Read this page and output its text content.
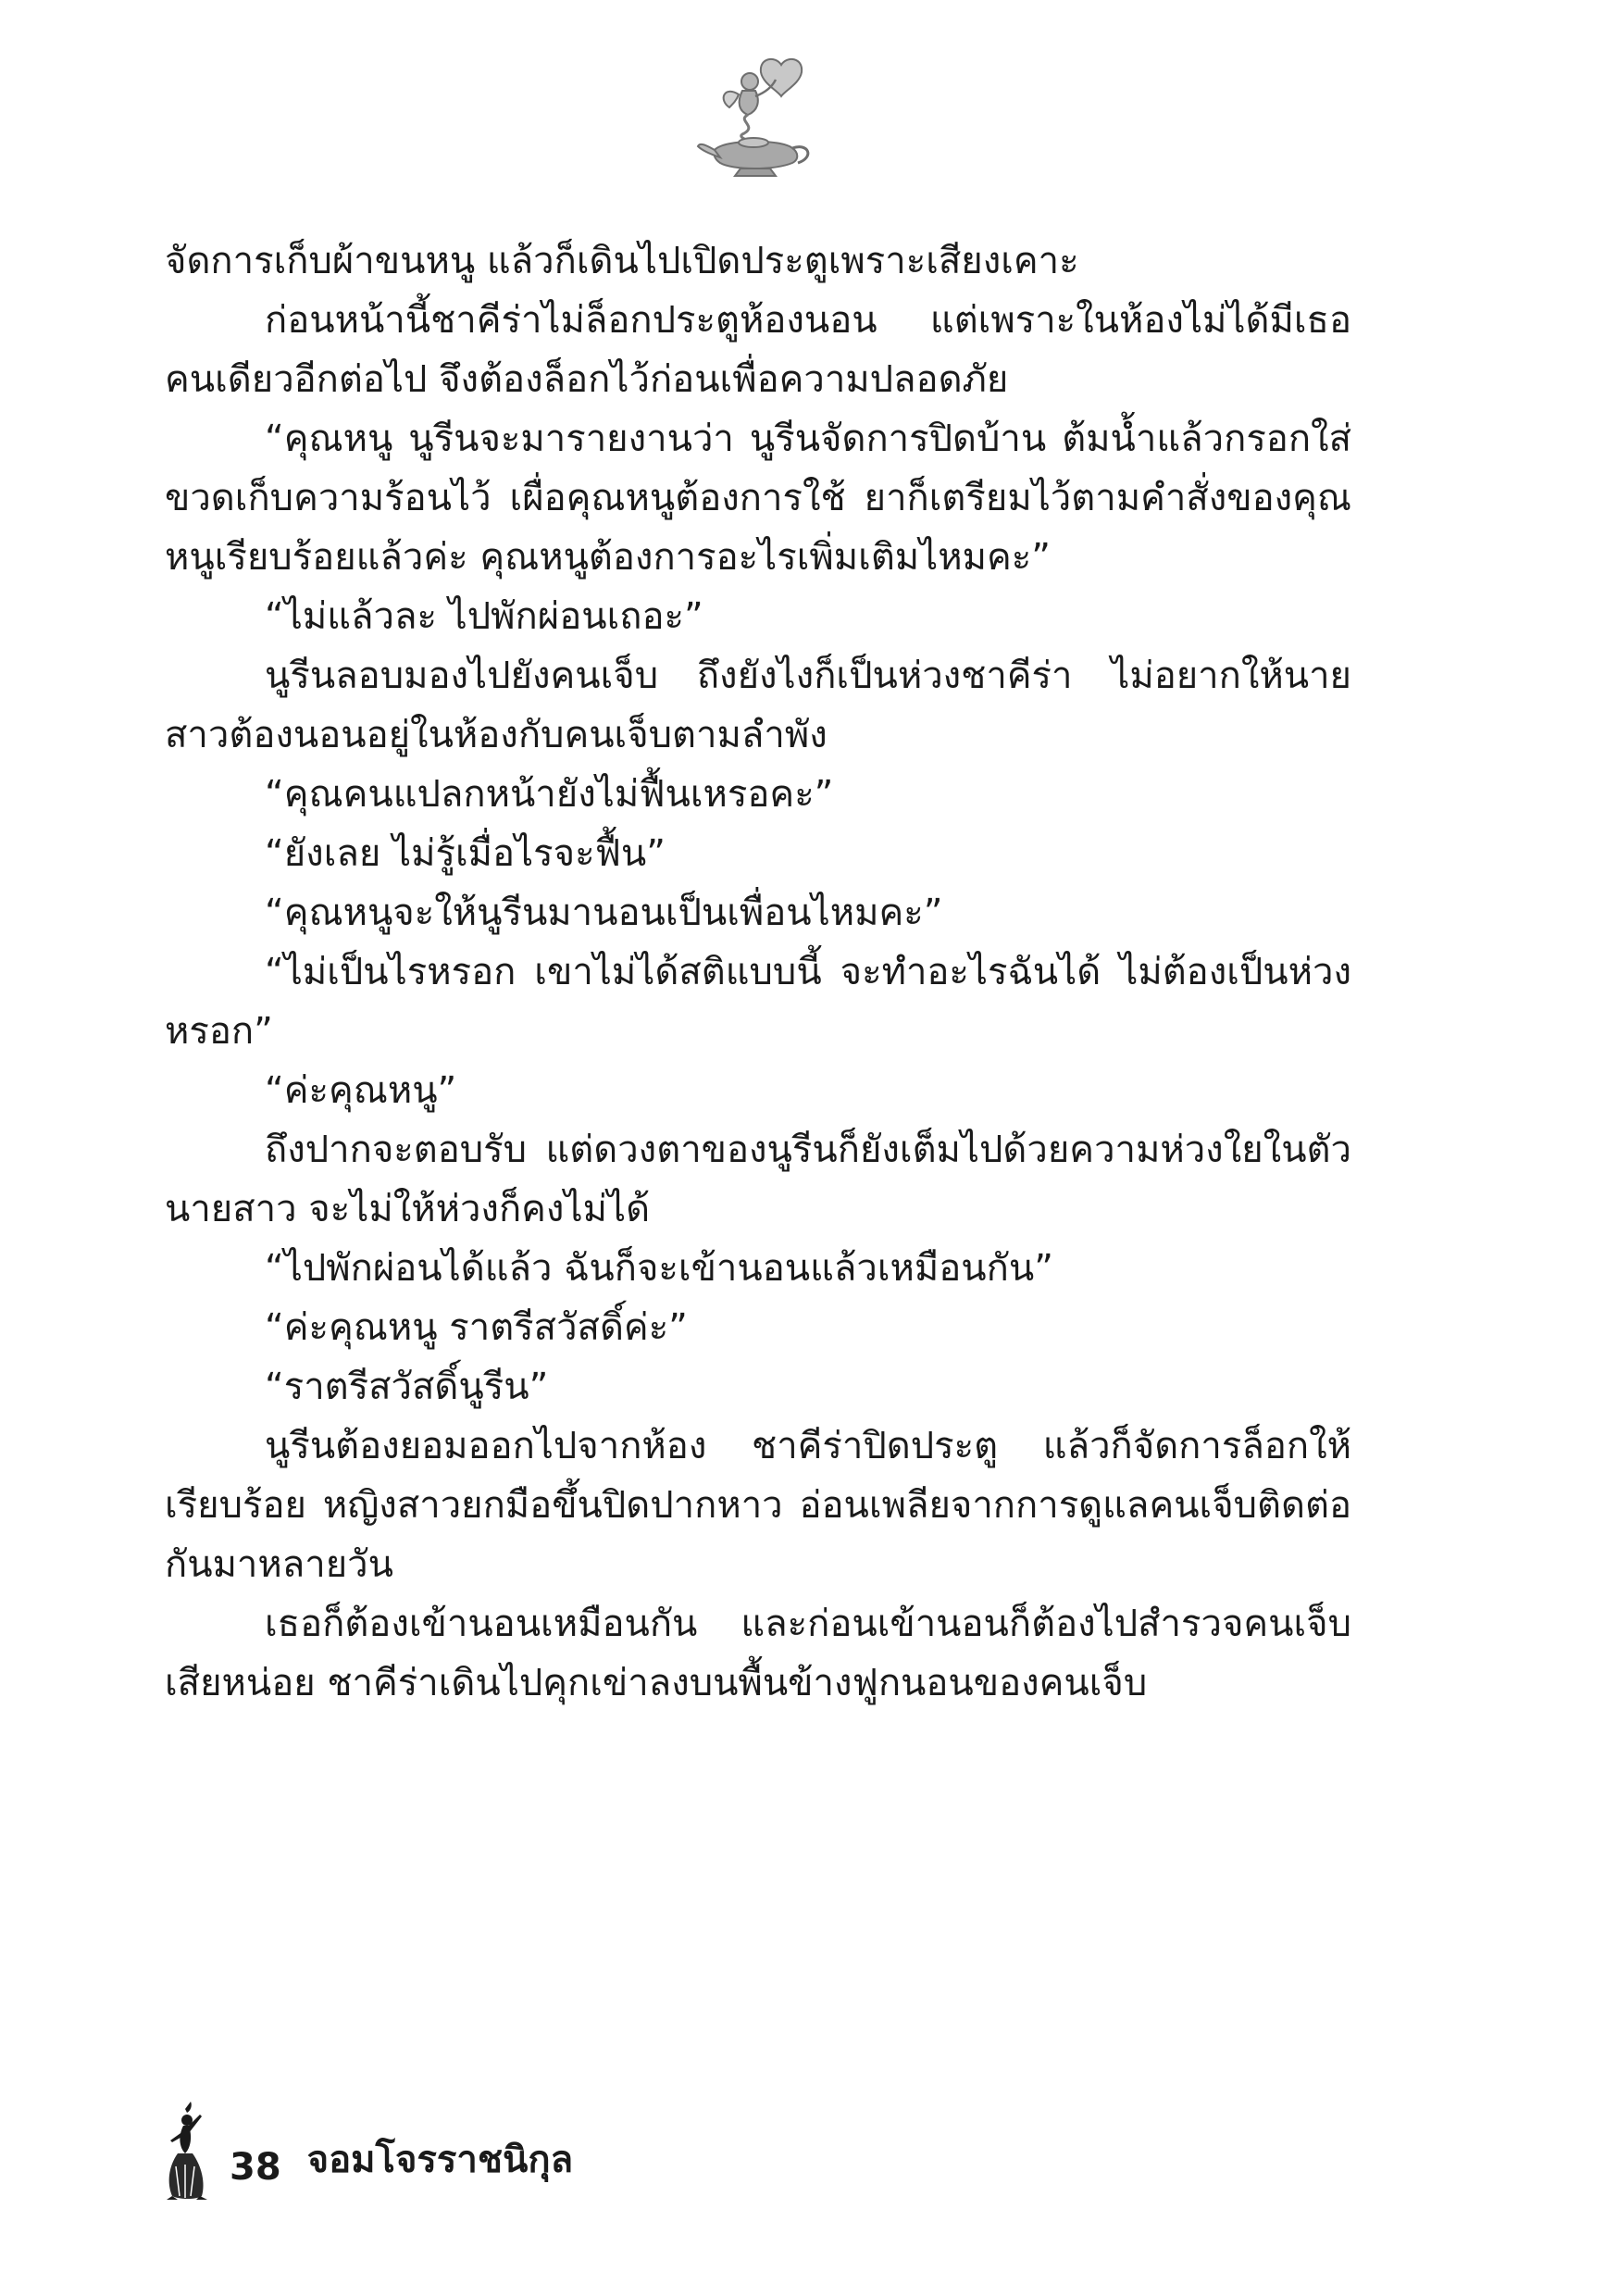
จัดการเก็บผ้าขนหนู แล้วก็เดินไปเปิดประตูเพราะเสียงเคาะ

ก่อนหน้านี้ชาคีร่าไม่ล็อกประตูห้องนอน แต่เพราะในห้องไม่ได้มีเธอคนเดียวอีกต่อไป จึงต้องล็อกไว้ก่อนเพื่อความปลอดภัย

“คุณหนู นูรีนจะมารายงานว่า นูรีนจัดการปิดบ้าน ต้มน้ำแล้วกรอกใส่ขวดเก็บความร้อนไว้ เผื่อคุณหนูต้องการใช้ ยาก็เตรียมไว้ตามคำสั่งของคุณหนูเรียบร้อยแล้วค่ะ คุณหนูต้องการอะไรเพิ่มเติมไหมคะ”

“ไม่แล้วละ ไปพักผ่อนเถอะ”

นูรีนลอบมองไปยังคนเจ็บ ถึงยังไงก็เป็นห่วงชาคีร่า ไม่อยากให้นายสาวต้องนอนอยู่ในห้องกับคนเจ็บตามลำพัง

“คุณคนแปลกหน้ายังไม่ฟื้นเหรอคะ”

“ยังเลย ไม่รู้เมื่อไรจะฟื้น”

“คุณหนูจะให้นูรีนมานอนเป็นเพื่อนไหมคะ”

“ไม่เป็นไรหรอก เขาไม่ได้สติแบบนี้ จะทำอะไรฉันได้ ไม่ต้องเป็นห่วงหรอก”

“ค่ะคุณหนู”

ถึงปากจะตอบรับ แต่ดวงตาของนูรีนก็ยังเต็มไปด้วยความห่วงใยในตัวนายสาว จะไม่ให้ห่วงก็คงไม่ได้

“ไปพักผ่อนได้แล้ว ฉันก็จะเข้านอนแล้วเหมือนกัน”

“ค่ะคุณหนู ราตรีสวัสดิ์ค่ะ”

“ราตรีสวัสดิ์นูรีน”

นูรีนต้องยอมออกไปจากห้อง ชาคีร่าปิดประตู แล้วก็จัดการล็อกให้เรียบร้อย หญิงสาวยกมือขึ้นปิดปากหาว อ่อนเพลียจากการดูแลคนเจ็บติดต่อกันมาหลายวัน

เธอก็ต้องเข้านอนเหมือนกัน และก่อนเข้านอนก็ต้องไปสำรวจคนเจ็บเสียหน่อย ชาคีร่าเดินไปคุกเข่าลงบนพื้นข้างฟูกนอนของคนเจ็บ

38 จอมโจรราชนิกุล
